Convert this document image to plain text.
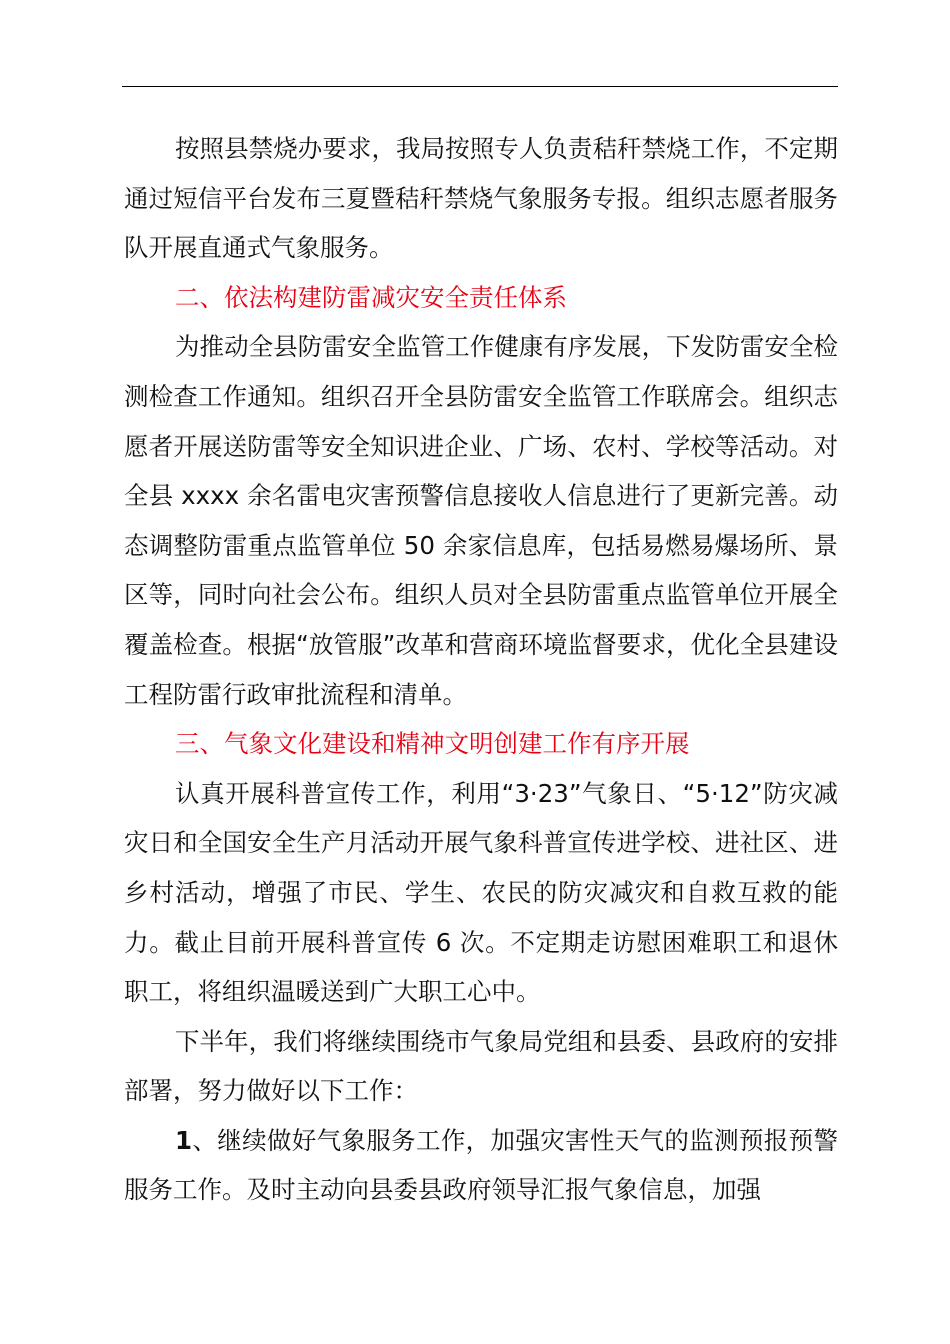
按照县禁烧办要求，我局按照专人负责秸秆禁烧工作，不定期通过短信平台发布三夏暨秸秆禁烧气象服务专报。组织志愿者服务队开展直通式气象服务。

二、依法构建防雷减灾安全责任体系

为推动全县防雷安全监管工作健康有序发展，下发防雷安全检测检查工作通知。组织召开全县防雷安全监管工作联席会。组织志愿者开展送防雷等安全知识进企业、广场、农村、学校等活动。对全县 xxxx 余名雷电灾害预警信息接收人信息进行了更新完善。动态调整防雷重点监管单位 50 余家信息库，包括易燃易爆场所、景区等，同时向社会公布。组织人员对全县防雷重点监管单位开展全覆盖检查。根据“放管服”改革和营商环境监督要求，优化全县建设工程防雷行政审批流程和清单。

三、气象文化建设和精神文明创建工作有序开展

认真开展科普宣传工作，利用“3·23”气象日、“5·12”防灾减灾日和全国安全生产月活动开展气象科普宣传进学校、进社区、进乡村活动，增强了市民、学生、农民的防灾减灾和自救互救的能力。截止目前开展科普宣传 6 次。不定期走访慰困难职工和退休职工，将组织温暖送到广大职工心中。

下半年，我们将继续围绕市气象局党组和县委、县政府的安排部署，努力做好以下工作：

1、继续做好气象服务工作，加强灾害性天气的监测预报预警服务工作。及时主动向县委县政府领导汇报气象信息，加强
